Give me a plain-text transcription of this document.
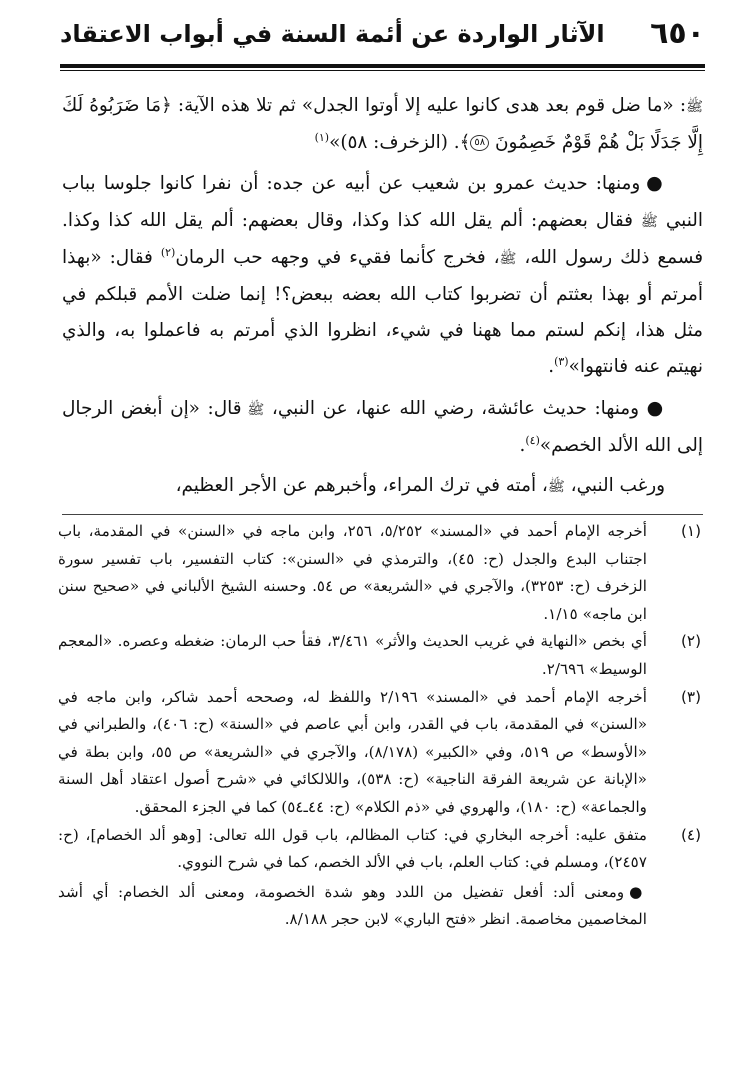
٦٥٠
الآثار الواردة عن أئمة السنة في أبواب الاعتقاد

ﷺ: «ما ضل قوم بعد هدى كانوا عليه إلا أوتوا الجدل» ثم تلا هذه الآية: ﴿مَا ضَرَبُوهُ لَكَ إِلَّا جَدَلًا بَلْ هُمْ قَوْمٌ خَصِمُونَ ٥٨﴾. (الزخرف: ٥٨)»$^{(١)}$

● ومنها: حديث عمرو بن شعيب عن أبيه عن جده: أن نفرا كانوا جلوسا بباب النبي ﷺ فقال بعضهم: ألم يقل الله كذا وكذا، وقال بعضهم: ألم يقل الله كذا وكذا. فسمع ذلك رسول الله، ﷺ، فخرج كأنما فقيء في وجهه حب الرمان$^{(٢)}$ فقال: «بهذا أمرتم أو بهذا بعثتم أن تضربوا كتاب الله بعضه ببعض؟! إنما ضلت الأمم قبلكم في مثل هذا، إنكم لستم مما ههنا في شيء، انظروا الذي أمرتم به فاعملوا به، والذي نهيتم عنه فانتهوا»$^{(٣)}$.

● ومنها: حديث عائشة، رضي الله عنها، عن النبي، ﷺ قال: «إن أبغض الرجال إلى الله الألد الخصم»$^{(٤)}$.

ورغب النبي، ﷺ، أمته في ترك المراء، وأخبرهم عن الأجر العظيم،

(١)
أخرجه الإمام أحمد في «المسند» ٥/٢٥٢، ٢٥٦، وابن ماجه في «السنن» في المقدمة، باب اجتناب البدع والجدل (ح: ٤٥)، والترمذي في «السنن»: كتاب التفسير، باب تفسير سورة الزخرف (ح: ٣٢٥٣)، والآجري في «الشريعة» ص ٥٤. وحسنه الشيخ الألباني في «صحيح سنن ابن ماجه» ١/١٥.
(٢)
أي بخص «النهاية في غريب الحديث والأثر» ٣/٤٦١، فقأ حب الرمان: ضغطه وعصره. «المعجم الوسيط» ٢/٦٩٦.
(٣)
أخرجه الإمام أحمد في «المسند» ٢/١٩٦ واللفظ له، وصححه أحمد شاكر، وابن ماجه في «السنن» في المقدمة، باب في القدر، وابن أبي عاصم في «السنة» (ح: ٤٠٦)، والطبراني في «الأوسط» ص ٥١٩، وفي «الكبير» (٨/١٧٨)، والآجري في «الشريعة» ص ٥٥، وابن بطة في «الإبانة عن شريعة الفرقة الناجية» (ح: ٥٣٨)، واللالكائي في «شرح أصول اعتقاد أهل السنة والجماعة» (ح: ١٨٠)، والهروي في «ذم الكلام» (ح: ٤٤ـ٥٤) كما في الجزء المحقق.
(٤)
متفق عليه: أخرجه البخاري في: كتاب المظالم، باب قول الله تعالى: [وهو ألد الخصام]، (ح: ٢٤٥٧)، ومسلم في: كتاب العلم، باب في الألد الخصم، كما في شرح النووي.
● ومعنى ألد: أفعل تفضيل من اللدد وهو شدة الخصومة، ومعنى ألد الخصام: أي أشد المخاصمين مخاصمة. انظر «فتح الباري» لابن حجر ٨/١٨٨.
